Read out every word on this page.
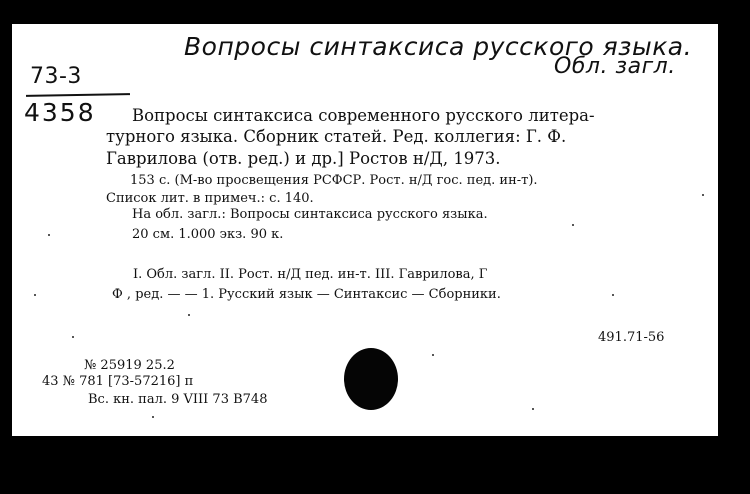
Вопросы синтаксиса русского языка.
Обл. загл.
73-3
4358 Вопросы синтаксиса современного русского литера-
турного языка. Сборник статей. Ред. коллегия: Г. Ф.
Гаврилова (отв. ред.) и др.] Ростов н/Д, 1973.
153 с. (М-во просвещения РСФСР. Рост. н/Д гос. пед. ин-т).
Список лит. в примеч.: с. 140.
На обл. загл.: Вопросы синтаксиса русского языка.
20 см. 1.000 экз. 90 к.
I. Обл. загл. II. Рост. н/Д пед. ин-т. III. Гаврилова, Г
Ф , ред. — — 1. Русский язык — Синтаксис — Сборники.
491.71-56
№ 25919 25.2
43 № 781 [73-57216] п
Вс. кн. пал. 9 VIII 73 В748
